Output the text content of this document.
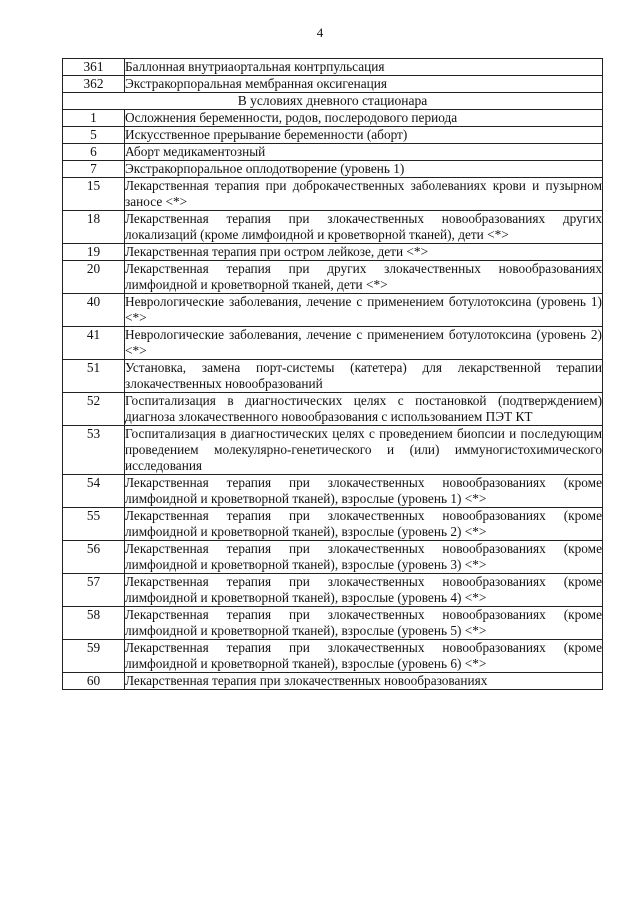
4
361	Баллонная внутриаортальная контрпульсация
362	Экстракорпоральная мембранная оксигенация
В условиях дневного стационара	
1	Осложнения беременности, родов, послеродового периода
5	Искусственное прерывание беременности (аборт)
6	Аборт медикаментозный
7	Экстракорпоральное оплодотворение (уровень 1)
15	Лекарственная терапия при доброкачественных заболеваниях крови и пузырном заносе <*>
18	Лекарственная терапия при злокачественных новообразованиях других локализаций (кроме лимфоидной и кроветворной тканей), дети <*>
19	Лекарственная терапия при остром лейкозе, дети <*>
20	Лекарственная терапия при других злокачественных новообразованиях лимфоидной и кроветворной тканей, дети <*>
40	Неврологические заболевания, лечение с применением ботулотоксина (уровень 1) <*>
41	Неврологические заболевания, лечение с применением ботулотоксина (уровень 2) <*>
51	Установка, замена порт-системы (катетера) для лекарственной терапии злокачественных новообразований
52	Госпитализация в диагностических целях с постановкой (подтверждением) диагноза злокачественного новообразования с использованием ПЭТ КТ
53	Госпитализация в диагностических целях с проведением биопсии и последующим проведением молекулярно-генетического и (или) иммуногистохимического исследования
54	Лекарственная терапия при злокачественных новообразованиях (кроме лимфоидной и кроветворной тканей), взрослые (уровень 1) <*>
55	Лекарственная терапия при злокачественных новообразованиях (кроме лимфоидной и кроветворной тканей), взрослые (уровень 2) <*>
56	Лекарственная терапия при злокачественных новообразованиях (кроме лимфоидной и кроветворной тканей), взрослые (уровень 3) <*>
57	Лекарственная терапия при злокачественных новообразованиях (кроме лимфоидной и кроветворной тканей), взрослые (уровень 4) <*>
58	Лекарственная терапия при злокачественных новообразованиях (кроме лимфоидной и кроветворной тканей), взрослые (уровень 5) <*>
59	Лекарственная терапия при злокачественных новообразованиях (кроме лимфоидной и кроветворной тканей), взрослые (уровень 6) <*>
60	Лекарственная терапия при злокачественных новообразованиях
